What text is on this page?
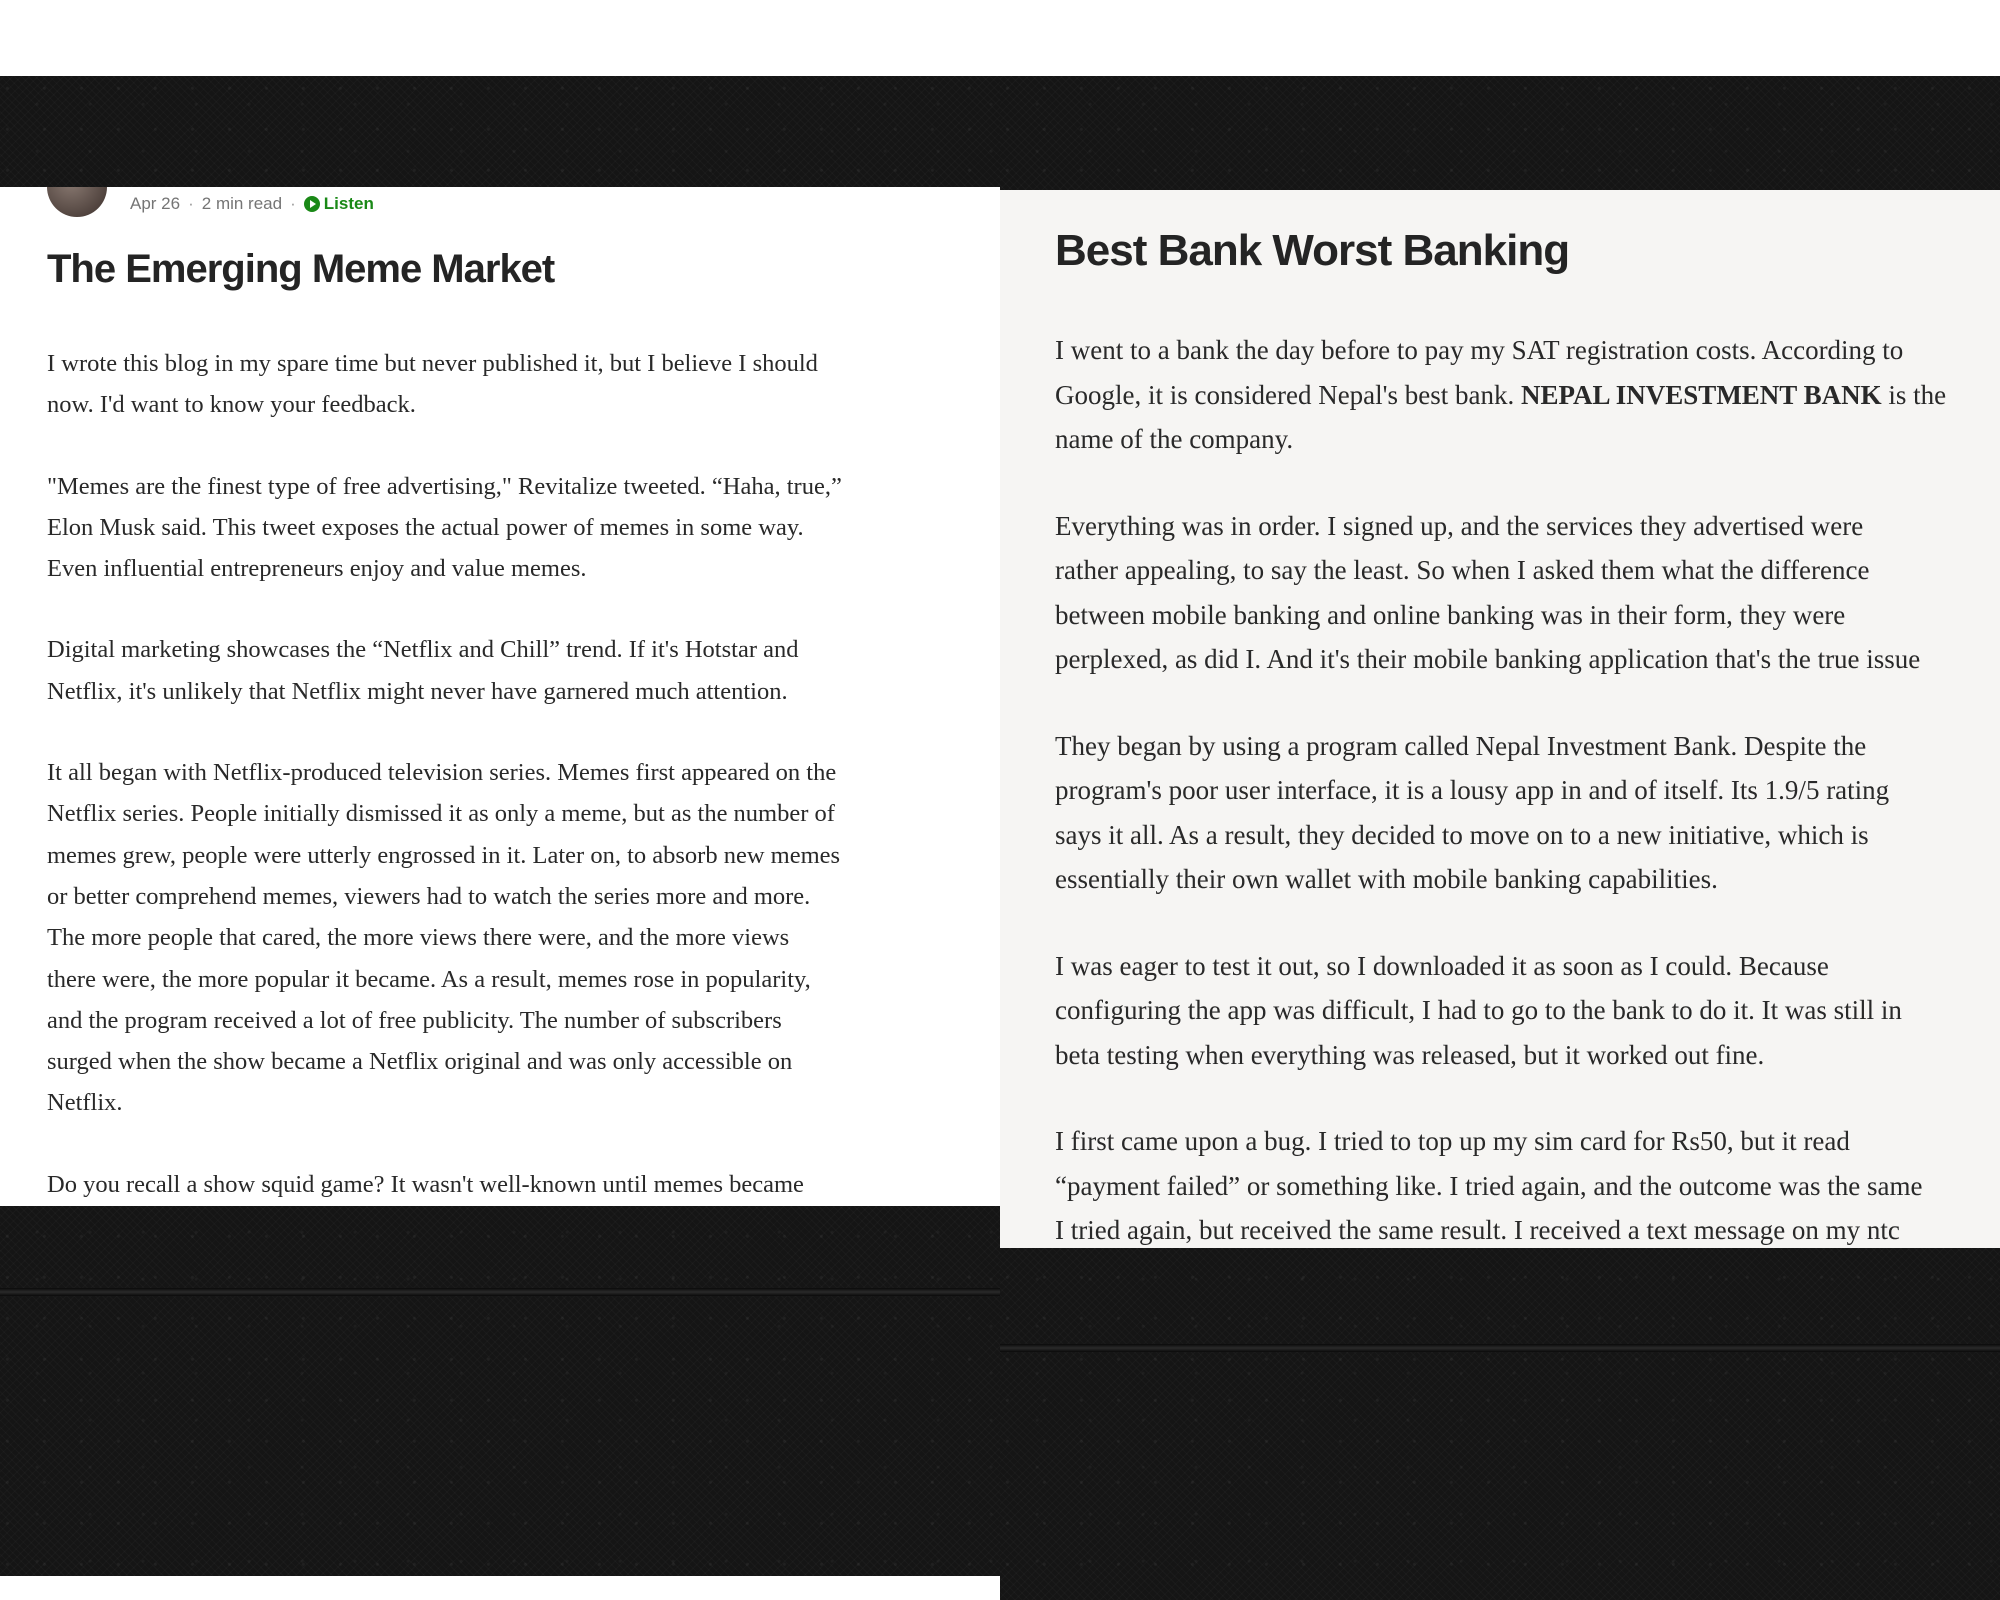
Apr 26 · 2 min read · Listen
The Emerging Meme Market

I wrote this blog in my spare time but never published it, but I believe I should
now. I'd want to know your feedback.

"Memes are the finest type of free advertising," Revitalize tweeted. “Haha, true,”
Elon Musk said. This tweet exposes the actual power of memes in some way.
Even influential entrepreneurs enjoy and value memes.

Digital marketing showcases the “Netflix and Chill” trend. If it's Hotstar and
Netflix, it's unlikely that Netflix might never have garnered much attention.

It all began with Netflix-produced television series. Memes first appeared on the
Netflix series. People initially dismissed it as only a meme, but as the number of
memes grew, people were utterly engrossed in it. Later on, to absorb new memes
or better comprehend memes, viewers had to watch the series more and more.
The more people that cared, the more views there were, and the more views
there were, the more popular it became. As a result, memes rose in popularity,
and the program received a lot of free publicity. The number of subscribers
surged when the show became a Netflix original and was only accessible on
Netflix.

Do you recall a show squid game? It wasn't well-known until memes became

Best Bank Worst Banking

I went to a bank the day before to pay my SAT registration costs. According to
Google, it is considered Nepal's best bank. NEPAL INVESTMENT BANK is the
name of the company.

Everything was in order. I signed up, and the services they advertised were
rather appealing, to say the least. So when I asked them what the difference
between mobile banking and online banking was in their form, they were
perplexed, as did I. And it's their mobile banking application that's the true issue

They began by using a program called Nepal Investment Bank. Despite the
program's poor user interface, it is a lousy app in and of itself. Its 1.9/5 rating
says it all. As a result, they decided to move on to a new initiative, which is
essentially their own wallet with mobile banking capabilities.

I was eager to test it out, so I downloaded it as soon as I could. Because
configuring the app was difficult, I had to go to the bank to do it. It was still in
beta testing when everything was released, but it worked out fine.

I first came upon a bug. I tried to top up my sim card for Rs50, but it read
“payment failed” or something like. I tried again, and the outcome was the same
I tried again, but received the same result. I received a text message on my ntc
